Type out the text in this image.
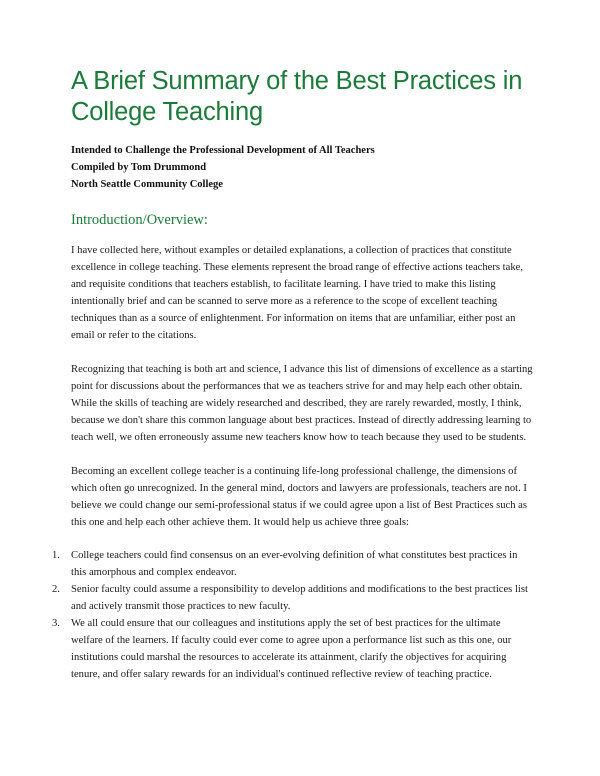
A Brief Summary of the Best Practices in College Teaching
Intended to Challenge the Professional Development of All Teachers
Compiled by Tom Drummond
North Seattle Community College
Introduction/Overview:

I have collected here, without examples or detailed explanations, a collection of practices that constitute excellence in college teaching. These elements represent the broad range of effective actions teachers take, and requisite conditions that teachers establish, to facilitate learning. I have tried to make this listing intentionally brief and can be scanned to serve more as a reference to the scope of excellent teaching techniques than as a source of enlightenment. For information on items that are unfamiliar, either post an email or refer to the citations.

Recognizing that teaching is both art and science, I advance this list of dimensions of excellence as a starting point for discussions about the performances that we as teachers strive for and may help each other obtain. While the skills of teaching are widely researched and described, they are rarely rewarded, mostly, I think, because we don't share this common language about best practices. Instead of directly addressing learning to teach well, we often erroneously assume new teachers know how to teach because they used to be students.

Becoming an excellent college teacher is a continuing life-long professional challenge, the dimensions of which often go unrecognized. In the general mind, doctors and lawyers are professionals, teachers are not. I believe we could change our semi-professional status if we could agree upon a list of Best Practices such as this one and help each other achieve them. It would help us achieve three goals:

1. College teachers could find consensus on an ever-evolving definition of what constitutes best practices in this amorphous and complex endeavor.
2. Senior faculty could assume a responsibility to develop additions and modifications to the best practices list and actively transmit those practices to new faculty.
3. We all could ensure that our colleagues and institutions apply the set of best practices for the ultimate welfare of the learners. If faculty could ever come to agree upon a performance list such as this one, our institutions could marshal the resources to accelerate its attainment, clarify the objectives for acquiring tenure, and offer salary rewards for an individual's continued reflective review of teaching practice.
